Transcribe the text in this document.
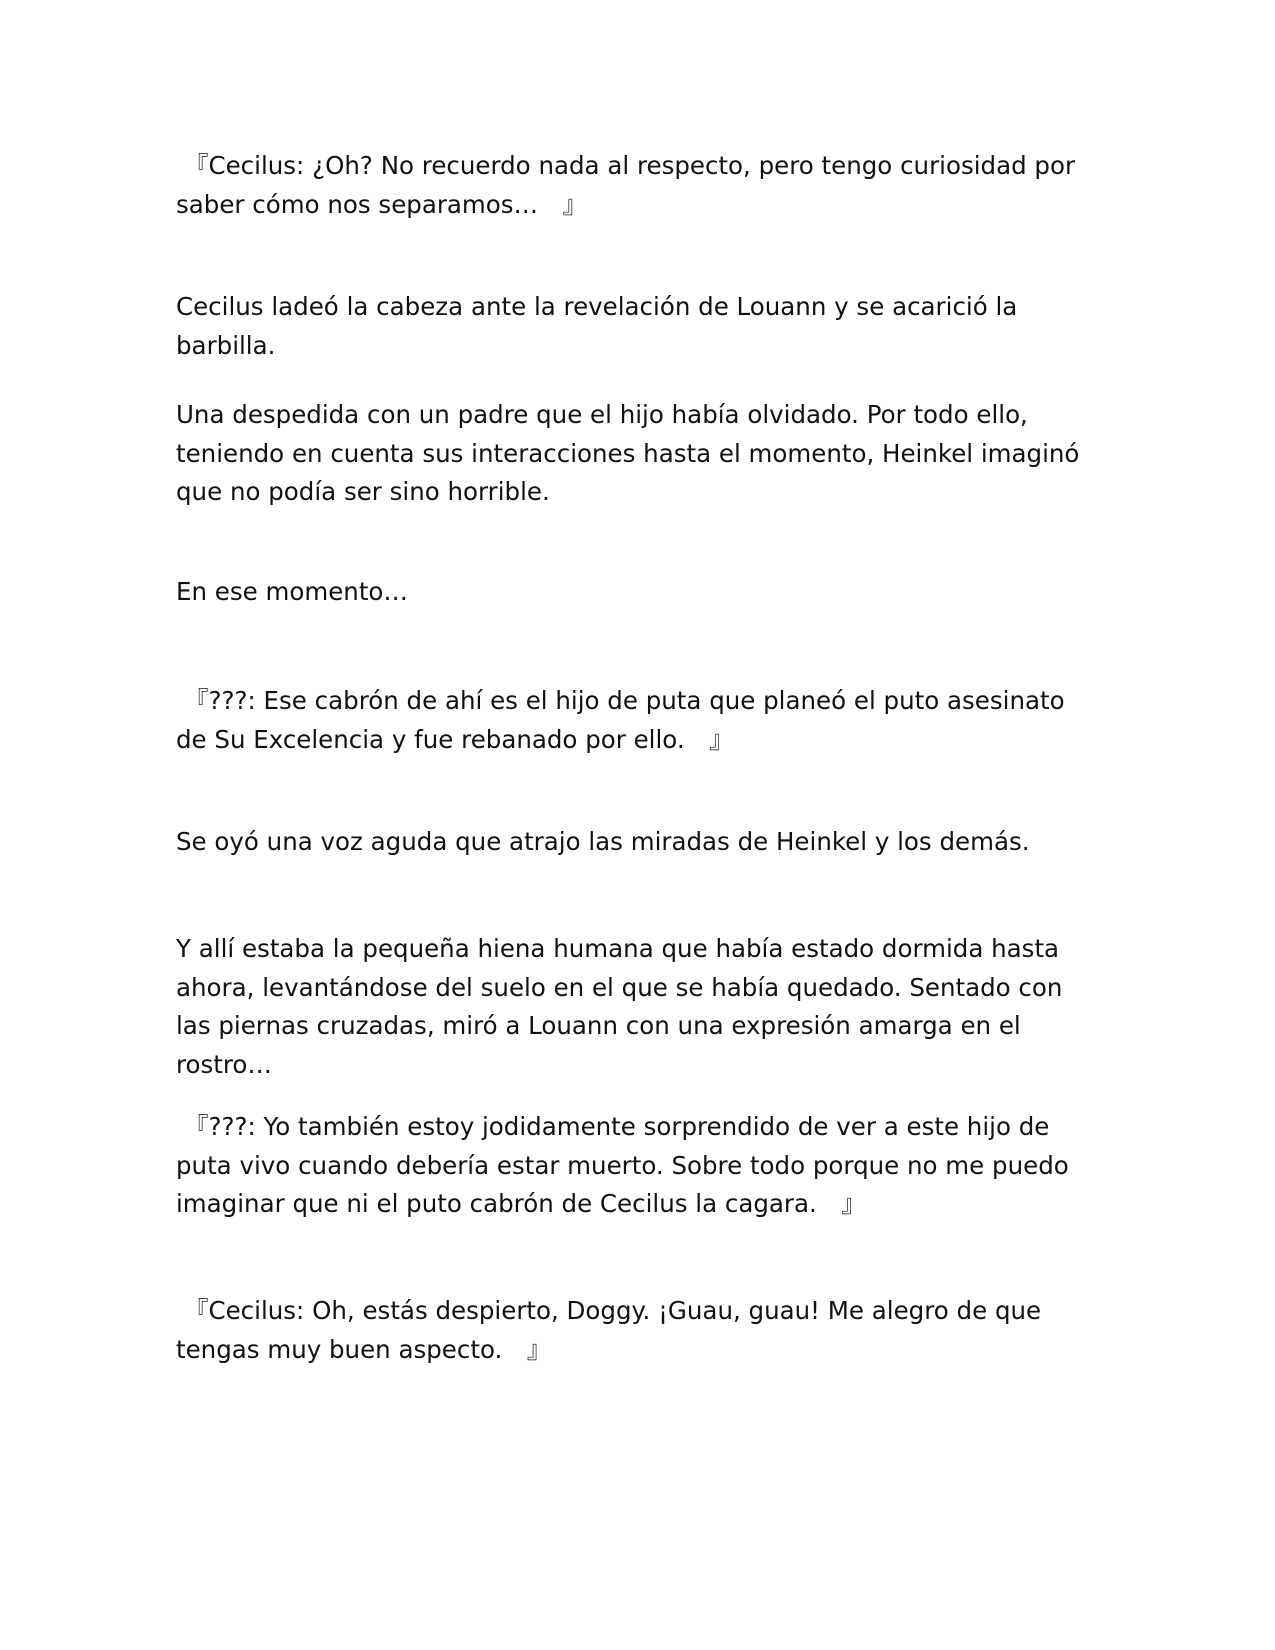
『Cecilus: ¿Oh? No recuerdo nada al respecto, pero tengo curiosidad por saber cómo nos separamos…　』

Cecilus ladeó la cabeza ante la revelación de Louann y se acarició la barbilla.

Una despedida con un padre que el hijo había olvidado. Por todo ello, teniendo en cuenta sus interacciones hasta el momento, Heinkel imaginó que no podía ser sino horrible.

En ese momento…

『???: Ese cabrón de ahí es el hijo de puta que planeó el puto asesinato de Su Excelencia y fue rebanado por ello.　』

Se oyó una voz aguda que atrajo las miradas de Heinkel y los demás.

Y allí estaba la pequeña hiena humana que había estado dormida hasta ahora, levantándose del suelo en el que se había quedado. Sentado con las piernas cruzadas, miró a Louann con una expresión amarga en el rostro…

『???: Yo también estoy jodidamente sorprendido de ver a este hijo de puta vivo cuando debería estar muerto. Sobre todo porque no me puedo imaginar que ni el puto cabrón de Cecilus la cagara.　』

『Cecilus: Oh, estás despierto, Doggy. ¡Guau, guau! Me alegro de que tengas muy buen aspecto.　』
